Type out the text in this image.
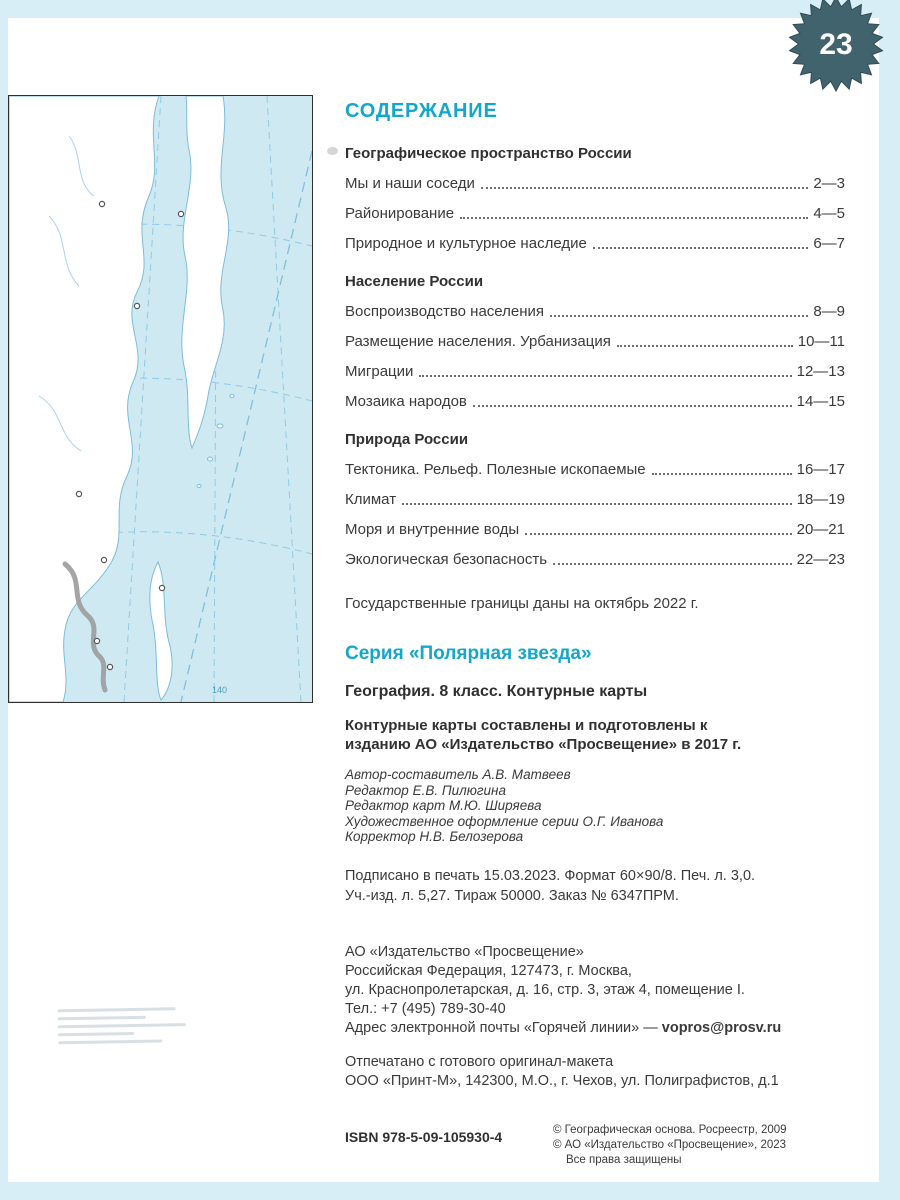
23
140
СОДЕРЖАНИЕ
Географическое пространство России
Мы и наши соседи	2—3
Районирование	4—5
Природное и культурное наследие	6—7
Население России
Воспроизводство населения	8—9
Размещение населения. Урбанизация	10—11
Миграции	12—13
Мозаика народов	14—15
Природа России
Тектоника. Рельеф. Полезные ископаемые	16—17
Климат	18—19
Моря и внутренние воды	20—21
Экологическая безопасность	22—23
Государственные границы даны на октябрь 2022 г.
Серия «Полярная звезда»
География. 8 класс. Контурные карты
Контурные карты составлены и подготовлены к изданию АО «Издательство «Просвещение» в 2017 г.
Автор-составитель А.В. Матвеев
Редактор Е.В. Пилюгина
Редактор карт М.Ю. Ширяева
Художественное оформление серии О.Г. Иванова
Корректор Н.В. Белозерова
Подписано в печать 15.03.2023. Формат 60×90/8. Печ. л. 3,0.
Уч.-изд. л. 5,27. Тираж 50000. Заказ № 6347ПРМ.
АО «Издательство «Просвещение»
Российская Федерация, 127473, г. Москва,
ул. Краснопролетарская, д. 16, стр. 3, этаж 4, помещение I.
Тел.: +7 (495) 789-30-40
Адрес электронной почты «Горячей линии» — vopros@prosv.ru
Отпечатано с готового оригинал-макета
ООО «Принт-М», 142300, М.О., г. Чехов, ул. Полиграфистов, д.1
ISBN 978-5-09-105930-4	© Географическая основа. Росреестр, 2009
© АО «Издательство «Просвещение», 2023
Все права защищены
